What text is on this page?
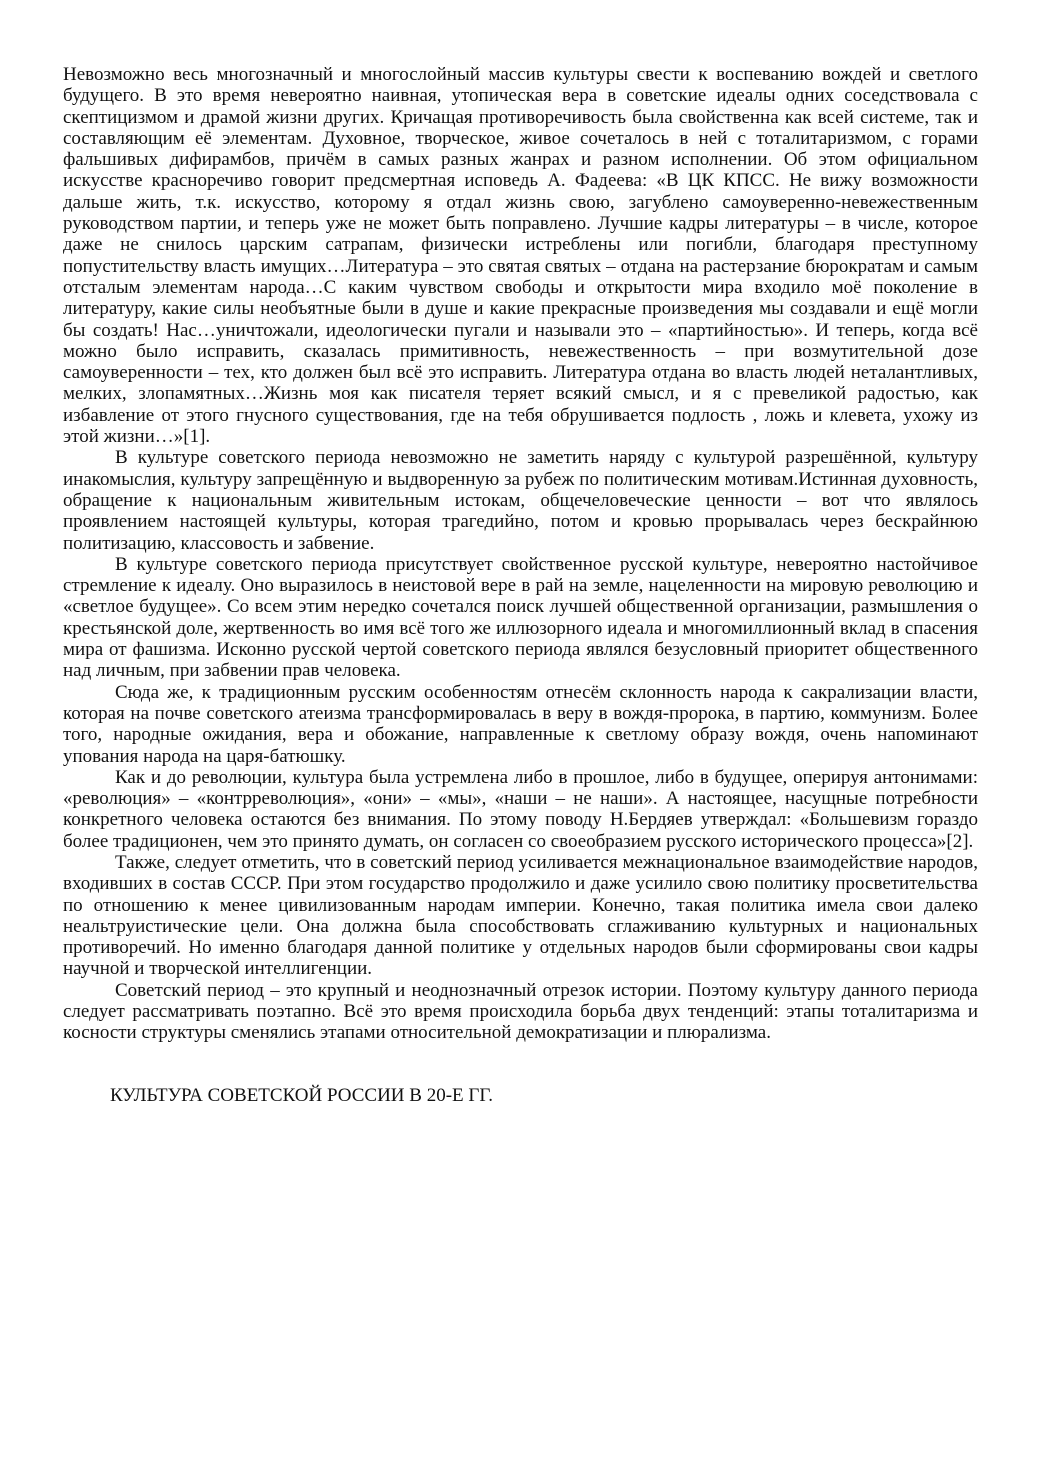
Невозможно весь многозначный и многослойный массив культуры свести к воспеванию вождей и светлого будущего. В это время невероятно наивная, утопическая вера в советские идеалы одних соседствовала с скептицизмом и драмой жизни других. Кричащая противоречивость была свойственна как всей системе, так и составляющим её элементам. Духовное, творческое, живое сочеталось в ней с тоталитаризмом, с горами фальшивых дифирамбов, причём в самых разных жанрах и разном исполнении. Об этом официальном искусстве красноречиво говорит предсмертная исповедь А. Фадеева: «В ЦК КПСС. Не вижу возможности дальше жить, т.к. искусство, которому я отдал жизнь свою, загублено самоуверенно-невежественным руководством партии, и теперь уже не может быть поправлено. Лучшие кадры литературы – в числе, которое даже не снилось царским сатрапам, физически истреблены или погибли, благодаря преступному попустительству власть имущих…Литература – это святая святых – отдана на растерзание бюрократам и самым отсталым элементам народа…С каким чувством свободы и открытости мира входило моё поколение в литературу, какие силы необъятные были в душе и какие прекрасные произведения мы создавали и ещё могли бы создать! Нас…уничтожали, идеологически пугали и называли это – «партийностью». И теперь, когда всё можно было исправить, сказалась примитивность, невежественность – при возмутительной дозе самоуверенности – тех, кто должен был всё это исправить. Литература отдана во власть людей неталантливых, мелких, злопамятных…Жизнь моя как писателя теряет всякий смысл, и я с превеликой радостью, как избавление от этого гнусного существования, где на тебя обрушивается подлость , ложь и клевета, ухожу из этой жизни…»[1].

В культуре советского периода невозможно не заметить наряду с культурой разрешённой, культуру инакомыслия, культуру запрещённую и выдворенную за рубеж по политическим мотивам.Истинная духовность, обращение к национальным живительным истокам, общечеловеческие ценности – вот что являлось проявлением настоящей культуры, которая трагедийно, потом и кровью прорывалась через бескрайнюю политизацию, классовость и забвение.

В культуре советского периода присутствует свойственное русской культуре, невероятно настойчивое стремление к идеалу. Оно выразилось в неистовой вере в рай на земле, нацеленности на мировую революцию и «светлое будущее». Со всем этим нередко сочетался поиск лучшей общественной организации, размышления о крестьянской доле, жертвенность во имя всё того же иллюзорного идеала и многомиллионный вклад в спасения мира от фашизма. Исконно русской чертой советского периода являлся безусловный приоритет общественного над личным, при забвении прав человека.

Сюда же, к традиционным русским особенностям отнесём склонность народа к сакрализации власти, которая на почве советского атеизма трансформировалась в веру в вождя-пророка, в партию, коммунизм. Более того, народные ожидания, вера и обожание, направленные к светлому образу вождя, очень напоминают упования народа на царя-батюшку.

Как и до революции, культура была устремлена либо в прошлое, либо в будущее, оперируя антонимами: «революция» – «контрреволюция», «они» – «мы», «наши – не наши». А настоящее, насущные потребности конкретного человека остаются без внимания. По этому поводу Н.Бердяев утверждал: «Большевизм гораздо более традиционен, чем это принято думать, он согласен со своеобразием русского исторического процесса»[2].

Также, следует отметить, что в советский период усиливается межнациональное взаимодействие народов, входивших в состав СССР. При этом государство продолжило и даже усилило свою политику просветительства по отношению к менее цивилизованным народам империи. Конечно, такая политика имела свои далеко неальтруистические цели. Она должна была способствовать сглаживанию культурных и национальных противоречий. Но именно благодаря данной политике у отдельных народов были сформированы свои кадры научной и творческой интеллигенции.

Советский период – это крупный и неоднозначный отрезок истории. Поэтому культуру данного периода следует рассматривать поэтапно. Всё это время происходила борьба двух тенденций: этапы тоталитаризма и косности структуры сменялись этапами относительной демократизации и плюрализма.

КУЛЬТУРА СОВЕТСКОЙ РОССИИ В 20-Е ГГ.
